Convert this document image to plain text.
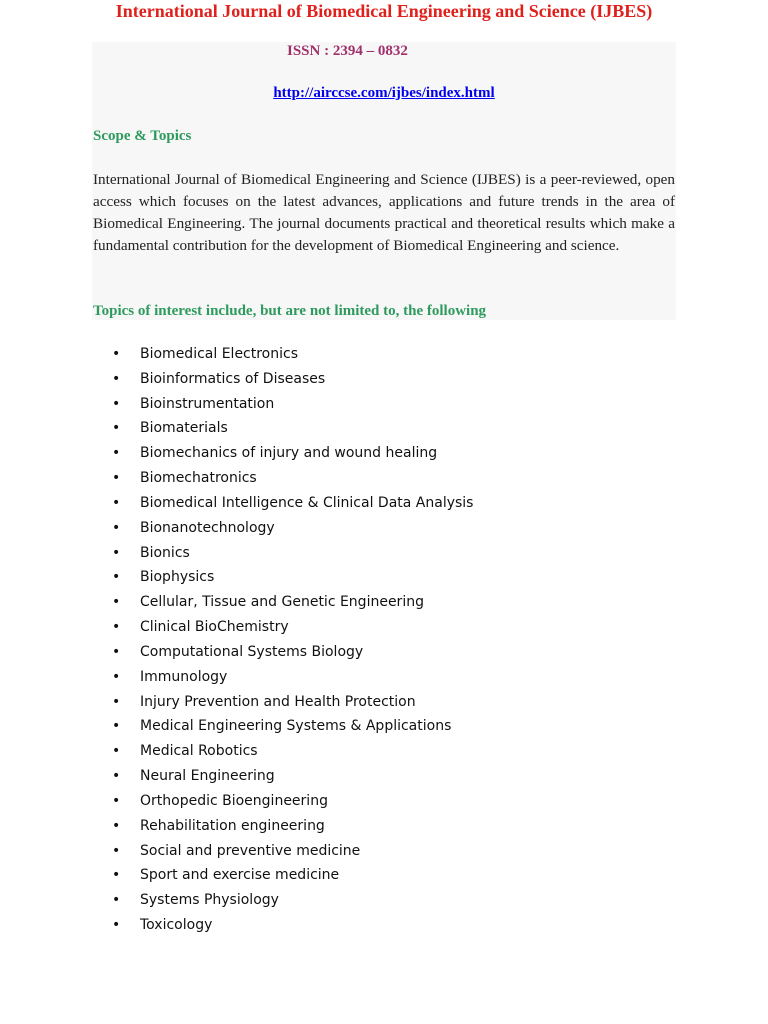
International Journal of Biomedical Engineering and Science (IJBES)
ISSN : 2394 – 0832
http://airccse.com/ijbes/index.html
Scope & Topics

International Journal of Biomedical Engineering and Science (IJBES) is a peer-reviewed, open access which focuses on the latest advances, applications and future trends in the area of Biomedical Engineering. The journal documents practical and theoretical results which make a fundamental contribution for the development of Biomedical Engineering and science.

Topics of interest include, but are not limited to, the following
• Biomedical Electronics
• Bioinformatics of Diseases
• Bioinstrumentation
• Biomaterials
• Biomechanics of injury and wound healing
• Biomechatronics
• Biomedical Intelligence & Clinical Data Analysis
• Bionanotechnology
• Bionics
• Biophysics
• Cellular, Tissue and Genetic Engineering
• Clinical BioChemistry
• Computational Systems Biology
• Immunology
• Injury Prevention and Health Protection
• Medical Engineering Systems & Applications
• Medical Robotics
• Neural Engineering
• Orthopedic Bioengineering
• Rehabilitation engineering
• Social and preventive medicine
• Sport and exercise medicine
• Systems Physiology
• Toxicology
